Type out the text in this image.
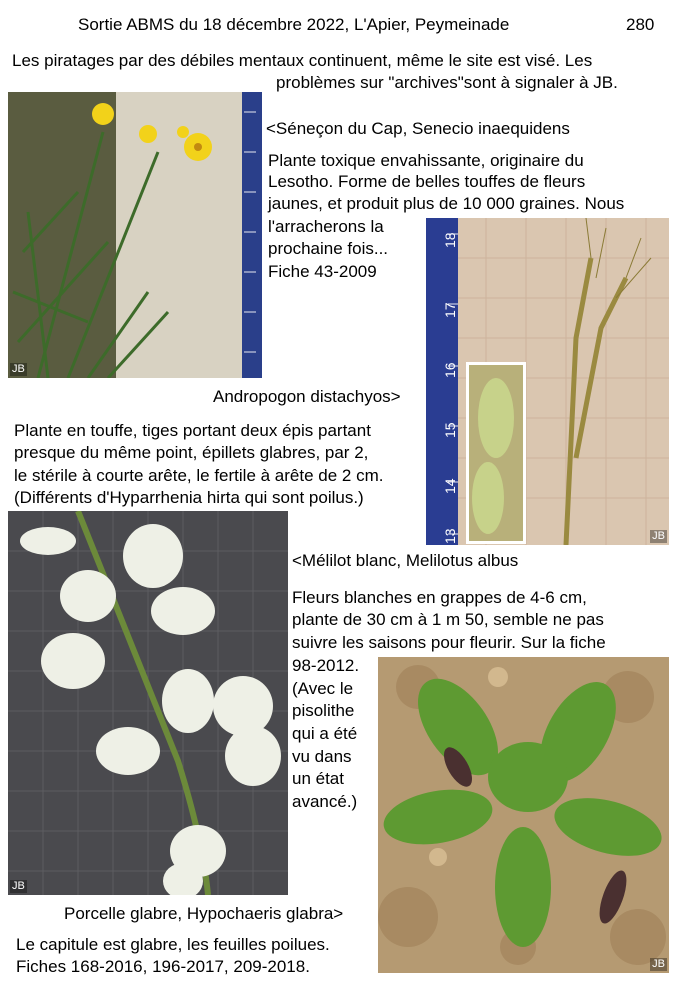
Sortie ABMS du 18 décembre 2022, L'Apier, Peymeinade	280
Les piratages par des débiles mentaux continuent, même le site est visé. Les
problèmes sur "archives"sont à signaler à JB.
JB
<Séneçon du Cap, Senecio inaequidens
Plante toxique envahissante, originaire du
Lesotho. Forme de belles touffes de fleurs
jaunes, et produit plus de 10 000 graines. Nous
l'arracherons la
prochaine fois...
Fiche 43-2009
18
17
16
15
14
13	JB
Andropogon distachyos>
Plante en touffe, tiges portant deux épis partant
presque du même point, épillets glabres, par 2,
le stérile à courte arête, le fertile à arête de 2 cm.
(Différents d'Hyparrhenia hirta qui sont poilus.)
JB
<Mélilot blanc, Melilotus albus
Fleurs blanches en grappes de 4-6 cm,
plante de 30 cm à 1 m 50, semble ne pas
suivre les saisons pour fleurir. Sur la fiche
98-2012.
(Avec le
pisolithe
qui a été
vu dans
un état
avancé.)
JB
Porcelle glabre, Hypochaeris glabra>
Le capitule est glabre, les feuilles poilues.
Fiches 168-2016, 196-2017, 209-2018.
